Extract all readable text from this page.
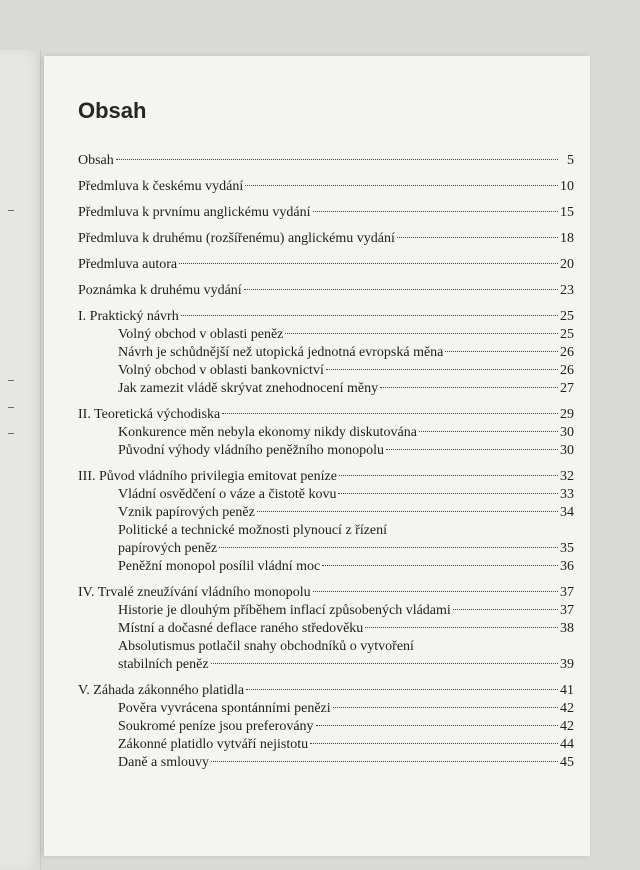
Obsah
Obsah	5
Předmluva k českému vydání	10
Předmluva k prvnímu anglickému vydání	15
Předmluva k druhému (rozšířenému) anglickému vydání	18
Předmluva autora	20
Poznámka k druhému vydání	23
I. Praktický návrh	25
Volný obchod v oblasti peněz	25
Návrh je schůdnější než utopická jednotná evropská měna	26
Volný obchod v oblasti bankovnictví	26
Jak zamezit vládě skrývat znehodnocení měny	27
II. Teoretická východiska	29
Konkurence měn nebyla ekonomy nikdy diskutována	30
Původní výhody vládního peněžního monopolu	30
III. Původ vládního privilegia emitovat peníze	32
Vládní osvědčení o váze a čistotě kovu	33
Vznik papírových peněz	34
Politické a technické možnosti plynoucí z řízení
papírových peněz	35
Peněžní monopol posílil vládní moc	36
IV. Trvalé zneužívání vládního monopolu	37
Historie je dlouhým příběhem inflací způsobených vládami	37
Místní a dočasné deflace raného středověku	38
Absolutismus potlačil snahy obchodníků o vytvoření
stabilních peněz	39
V. Záhada zákonného platidla	41
Pověra vyvrácena spontánními penězi	42
Soukromé peníze jsou preferovány	42
Zákonné platidlo vytváří nejistotu	44
Daně a smlouvy	45
